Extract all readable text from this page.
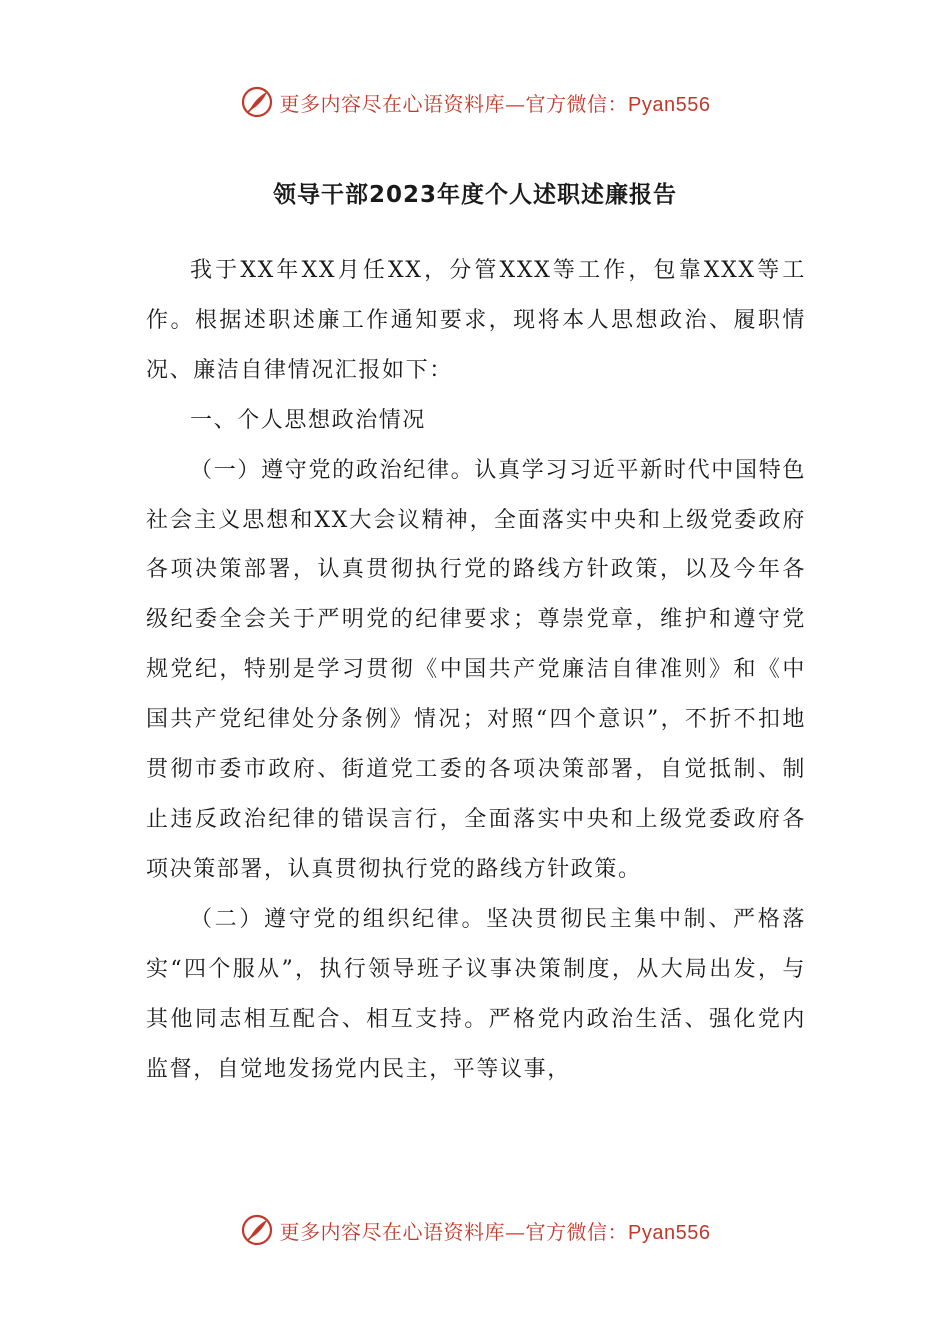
更多内容尽在心语资料库—官方微信：Pyan556
领导干部2023年度个人述职述廉报告

我于XX年XX月任XX，分管XXX等工作，包靠XXX等工作。根据述职述廉工作通知要求，现将本人思想政治、履职情况、廉洁自律情况汇报如下：

一、个人思想政治情况

（一）遵守党的政治纪律。认真学习习近平新时代中国特色社会主义思想和XX大会议精神，全面落实中央和上级党委政府各项决策部署，认真贯彻执行党的路线方针政策，以及今年各级纪委全会关于严明党的纪律要求；尊崇党章，维护和遵守党规党纪，特别是学习贯彻《中国共产党廉洁自律准则》和《中国共产党纪律处分条例》情况；对照“四个意识”，不折不扣地贯彻市委市政府、街道党工委的各项决策部署，自觉抵制、制止违反政治纪律的错误言行，全面落实中央和上级党委政府各项决策部署，认真贯彻执行党的路线方针政策。

（二）遵守党的组织纪律。坚决贯彻民主集中制、严格落实“四个服从”，执行领导班子议事决策制度，从大局出发，与其他同志相互配合、相互支持。严格党内政治生活、强化党内监督，自觉地发扬党内民主，平等议事，

更多内容尽在心语资料库—官方微信：Pyan556
